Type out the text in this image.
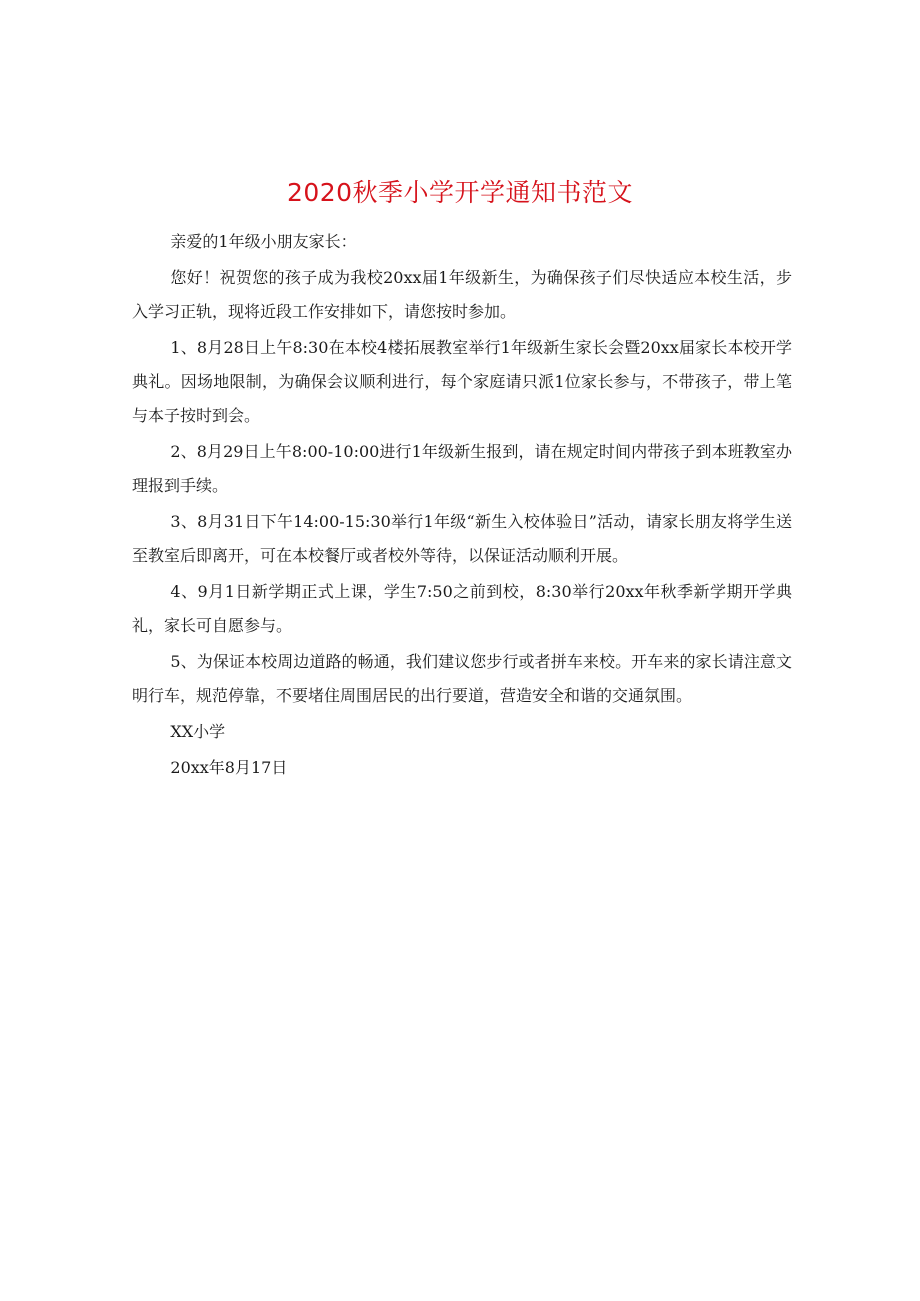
2020秋季小学开学通知书范文

亲爱的1年级小朋友家长：

您好！祝贺您的孩子成为我校20xx届1年级新生，为确保孩子们尽快适应本校生活，步入学习正轨，现将近段工作安排如下，请您按时参加。

1、8月28日上午8:30在本校4楼拓展教室举行1年级新生家长会暨20xx届家长本校开学典礼。因场地限制，为确保会议顺利进行，每个家庭请只派1位家长参与，不带孩子，带上笔与本子按时到会。

2、8月29日上午8:00-10:00进行1年级新生报到，请在规定时间内带孩子到本班教室办理报到手续。

3、8月31日下午14:00-15:30举行1年级“新生入校体验日”活动，请家长朋友将学生送至教室后即离开，可在本校餐厅或者校外等待，以保证活动顺利开展。

4、9月1日新学期正式上课，学生7:50之前到校，8:30举行20xx年秋季新学期开学典礼，家长可自愿参与。

5、为保证本校周边道路的畅通，我们建议您步行或者拼车来校。开车来的家长请注意文明行车，规范停靠，不要堵住周围居民的出行要道，营造安全和谐的交通氛围。

XX小学

20xx年8月17日
